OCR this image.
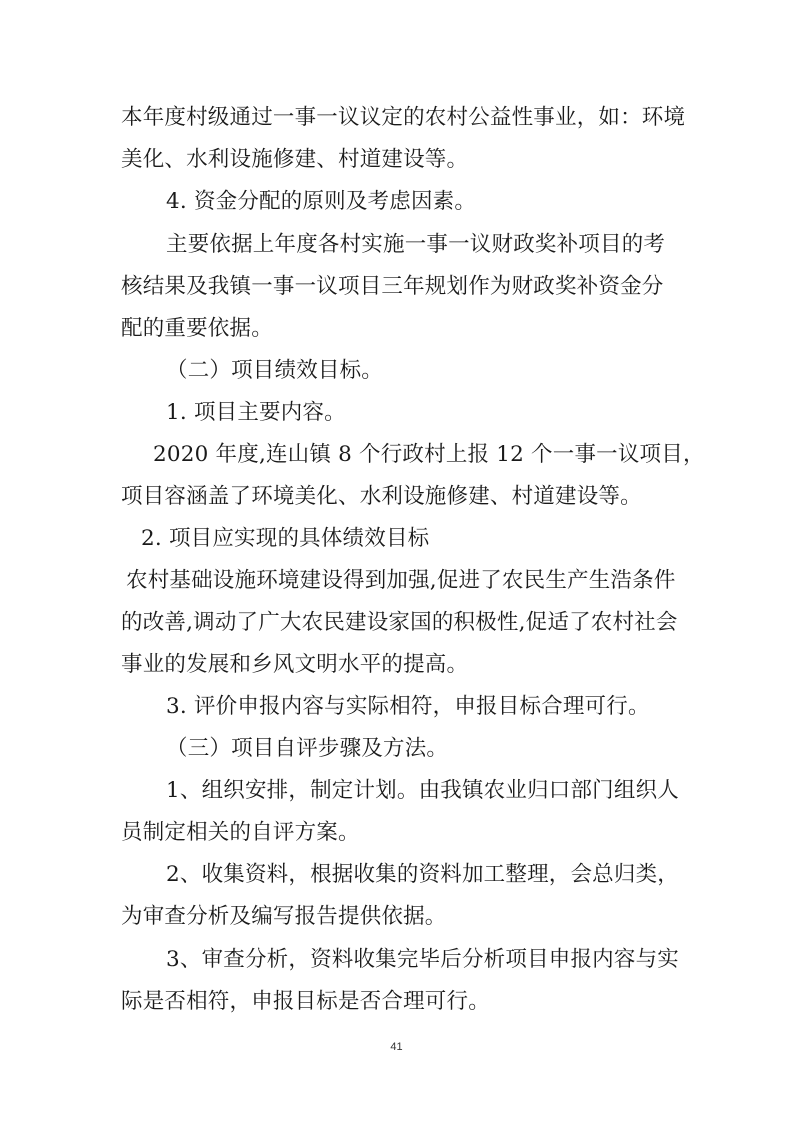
本年度村级通过一事一议议定的农村公益性事业，如：环境

美化、水利设施修建、村道建设等。

4. 资金分配的原则及考虑因素。

主要依据上年度各村实施一事一议财政奖补项目的考

核结果及我镇一事一议项目三年规划作为财政奖补资金分

配的重要依据。

（二）项目绩效目标。

1. 项目主要内容。

2020 年度,连山镇 8 个行政村上报 12 个一事一议项目，

项目容涵盖了环境美化、水利设施修建、村道建设等。

2. 项目应实现的具体绩效目标

农村基础设施环境建设得到加强,促进了农民生产生浩条件

的改善,调动了广大农民建设家国的积极性,促适了农村社会

事业的发展和乡风文明水平的提高。

3. 评价申报内容与实际相符，申报目标合理可行。

（三）项目自评步骤及方法。

1、组织安排，制定计划。由我镇农业归口部门组织人

员制定相关的自评方案。

2、收集资料，根据收集的资料加工整理，会总归类，

为审查分析及编写报告提供依据。

3、审查分析，资料收集完毕后分析项目申报内容与实

际是否相符，申报目标是否合理可行。

41
